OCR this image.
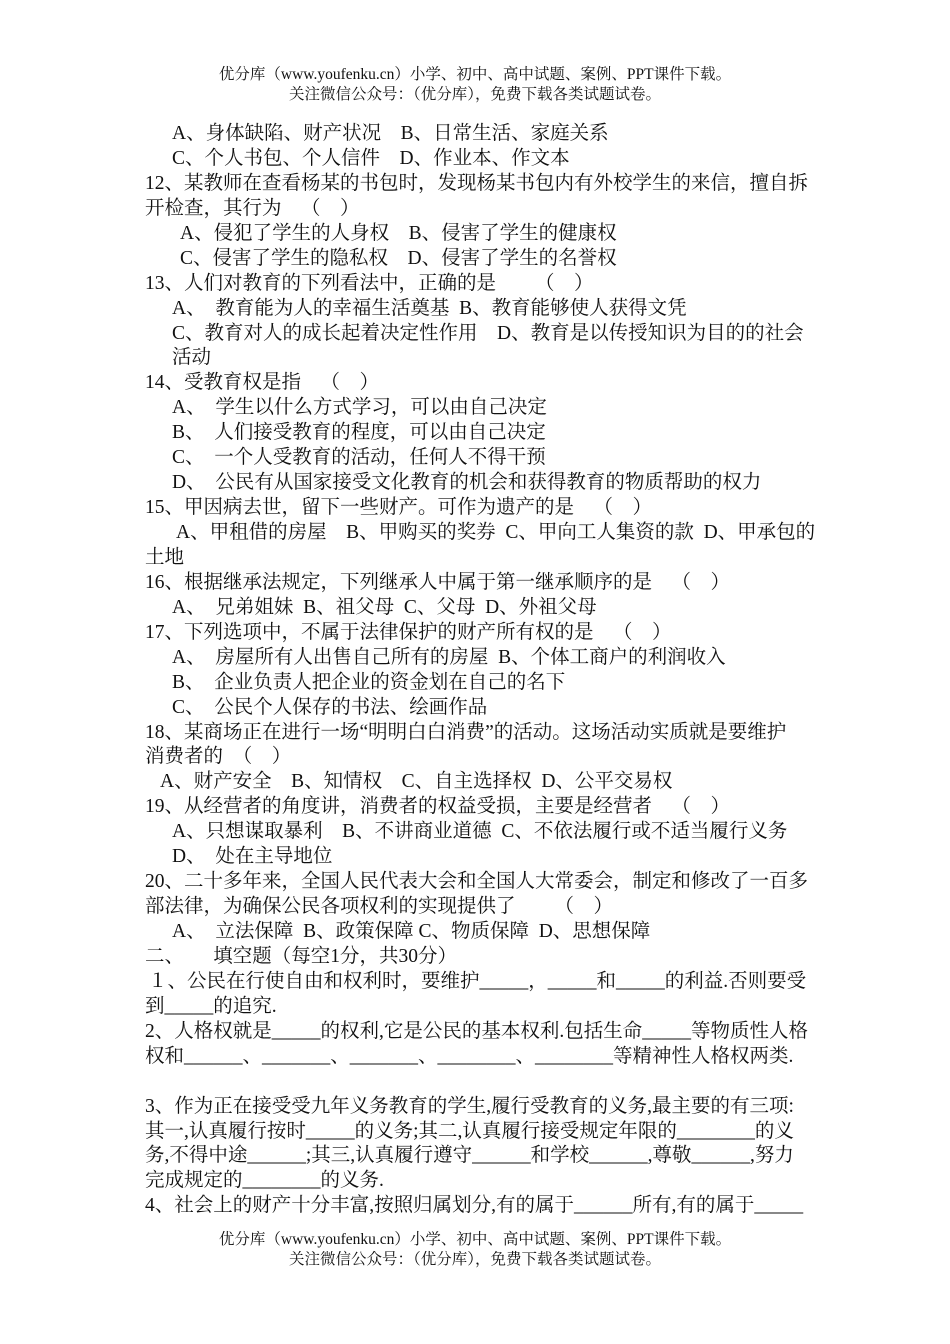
优分库（www.youfenku.cn）小学、初中、高中试题、案例、PPT课件下载。
关注微信公众号：（优分库），免费下载各类试题试卷。
A、身体缺陷、财产状况    B、日常生活、家庭关系
C、个人书包、个人信件    D、作业本、作文本
12、某教师在查看杨某的书包时，发现杨某书包内有外校学生的来信，擅自拆
开检查，其行为    （    ）
A、侵犯了学生的人身权    B、侵害了学生的健康权
C、侵害了学生的隐私权    D、侵害了学生的名誉权
13、人们对教育的下列看法中，正确的是        （    ）
A、  教育能为人的幸福生活奠基  B、教育能够使人获得文凭
C、教育对人的成长起着决定性作用    D、教育是以传授知识为目的的社会
活动
14、受教育权是指    （    ）
A、  学生以什么方式学习，可以由自己决定
B、  人们接受教育的程度，可以由自己决定
C、  一个人受教育的活动，任何人不得干预
D、  公民有从国家接受文化教育的机会和获得教育的物质帮助的权力
15、甲因病去世，留下一些财产。可作为遗产的是    （    ）
A、甲租借的房屋    B、甲购买的奖券  C、甲向工人集资的款  D、甲承包的
土地
16、根据继承法规定，下列继承人中属于第一继承顺序的是    （    ）
A、  兄弟姐妹  B、祖父母  C、父母  D、外祖父母
17、下列选项中，不属于法律保护的财产所有权的是    （    ）
A、  房屋所有人出售自己所有的房屋  B、个体工商户的利润收入
B、  企业负责人把企业的资金划在自己的名下
C、  公民个人保存的书法、绘画作品
18、某商场正在进行一场“明明白白消费”的活动。这场活动实质就是要维护
消费者的  （    ）
A、财产安全    B、知情权    C、自主选择权  D、公平交易权
19、从经营者的角度讲，消费者的权益受损，主要是经营者    （    ）
A、只想谋取暴利    B、不讲商业道德  C、不依法履行或不适当履行义务
D、  处在主导地位
20、二十多年来，全国人民代表大会和全国人大常委会，制定和修改了一百多
部法律，为确保公民各项权利的实现提供了        （    ）
A、  立法保障  B、政策保障 C、物质保障  D、思想保障
二、      填空题（每空1分，共30分）
１、公民在行使自由和权利时，要维护_____，_____和_____的利益.否则要受
到_____的追究.
2、人格权就是_____的权利,它是公民的基本权利.包括生命_____等物质性人格
权和______、_______、_______、________、________等精神性人格权两类.
3、作为正在接受受九年义务教育的学生,履行受教育的义务,最主要的有三项:
其一,认真履行按时_____的义务;其二,认真履行接受规定年限的________的义
务,不得中途______;其三,认真履行遵守______和学校______,尊敬______,努力
完成规定的________的义务.
4、社会上的财产十分丰富,按照归属划分,有的属于______所有,有的属于_____
优分库（www.youfenku.cn）小学、初中、高中试题、案例、PPT课件下载。
关注微信公众号：（优分库），免费下载各类试题试卷。
